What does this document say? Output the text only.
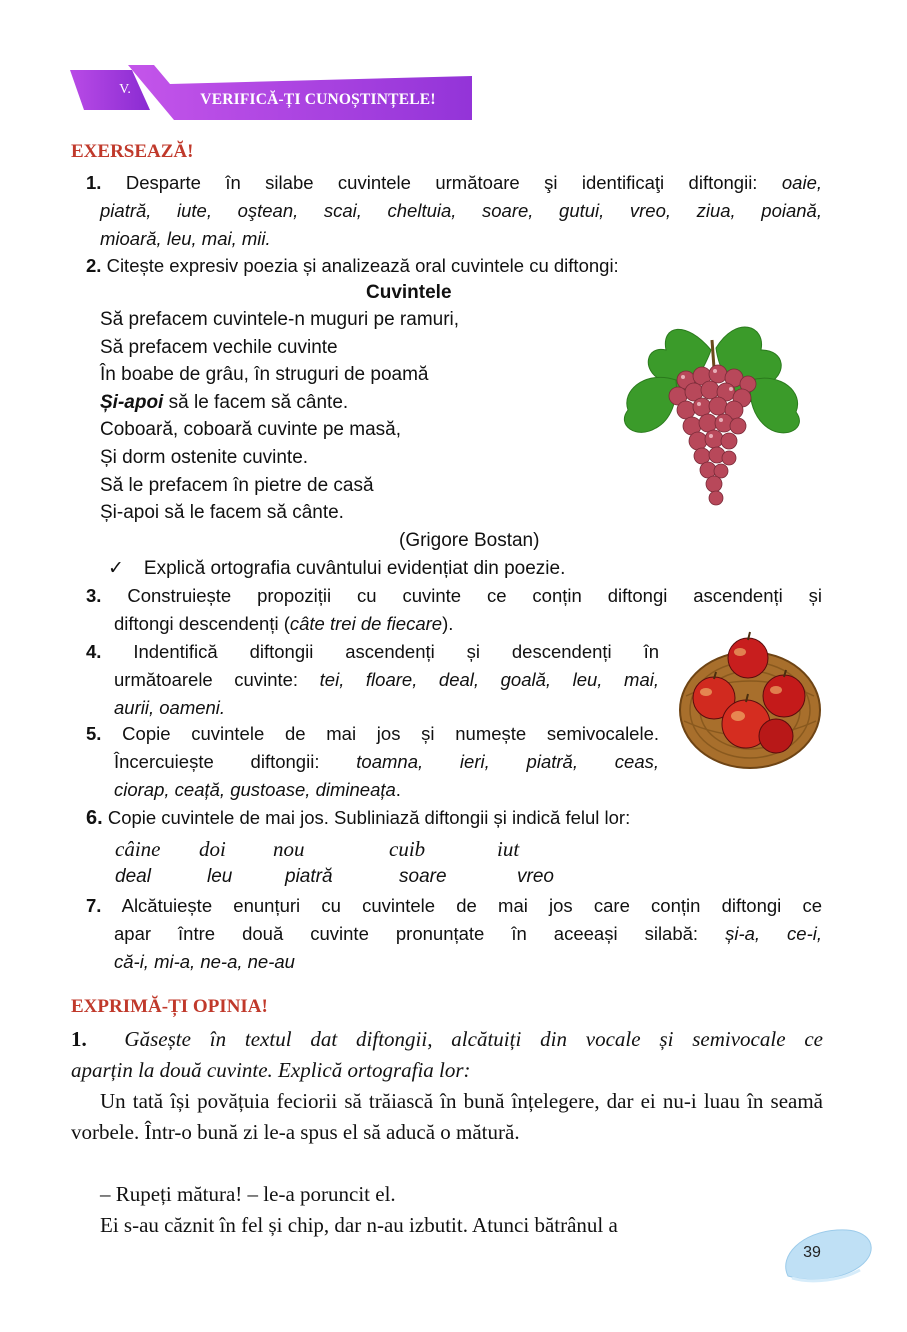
V.
VERIFICĂ-ȚI CUNOȘTINȚELE!
EXERSEAZĂ!
1. Desparte în silabe cuvintele următoare şi identificaţi diftongii: oaie,
piatră, iute, oştean, scai, cheltuia, soare, gutui, vreo, ziua, poiană,
mioară, leu, mai, mii.
2. Citește expresiv poezia și analizează oral cuvintele cu diftongi:
Cuvintele
Să prefacem cuvintele-n muguri pe ramuri,
Să prefacem vechile cuvinte
În boabe de grâu, în struguri de poamă
Și-apoi să le facem să cânte.
Coboară, coboară cuvinte pe masă,
Și dorm ostenite cuvinte.
Să le prefacem în pietre de casă
Și-apoi să le facem să cânte.
(Grigore Bostan)
✓ Explică ortografia cuvântului evidențiat din poezie.
3. Construiește propoziții cu cuvinte ce conțin diftongi ascendenți și
diftongi descendenți (câte trei de fiecare).
4. Indentifică diftongii ascendenți și descendenți în
următoarele cuvinte: tei, floare, deal, goală, leu, mai,
aurii, oameni.
5. Copie cuvintele de mai jos și numește semivocalele.
Încercuiește diftongii: toamna, ieri, piatră, ceas,
ciorap, ceață, gustoase, dimineața.
6. Copie cuvintele de mai jos. Subliniază diftongii și indică felul lor:
câine doi nou	cuib	iut
deal	leu	piatră	soare	vreo
7. Alcătuiește enunțuri cu cuvintele de mai jos care conțin diftongi ce
apar între două cuvinte pronunțate în aceeași silabă: și-a, ce-i,
că-i, mi-a, ne-a, ne-au
EXPRIMĂ-ȚI OPINIA!
1. Găsește în textul dat diftongii, alcătuiți din vocale și semivocale ce
aparțin la două cuvinte. Explică ortografia lor:
Un tată își povățuia feciorii să trăiască în bună înțelegere, dar ei nu-i luau în seamă vorbele. Într-o bună zi le-a spus el să aducă o mătură.
– Rupeți mătura! – le-a poruncit el.
Ei s-au căznit în fel și chip, dar n-au izbutit. Atunci bătrânul a
39
